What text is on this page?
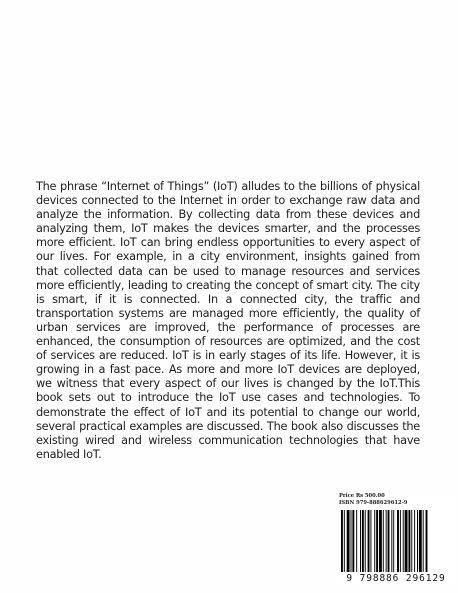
The phrase “Internet of Things” (IoT) alludes to the billions of physical devices connected to the Internet in order to exchange raw data and analyze the information. By collecting data from these devices and analyzing them, IoT makes the devices smarter, and the processes more efficient. IoT can bring endless opportunities to every aspect of our lives. For example, in a city environment, insights gained from that collected data can be used to manage resources and services more efficiently, leading to creating the concept of smart city. The city is smart, if it is connected. In a connected city, the traffic and transportation systems are managed more efficiently, the quality of urban services are improved, the performance of processes are enhanced, the consumption of resources are optimized, and the cost of services are reduced. IoT is in early stages of its life. However, it is growing in a fast pace. As more and more IoT devices are deployed, we witness that every aspect of our lives is changed by the IoT.This book sets out to introduce the IoT use cases and technologies. To demonstrate the effect of IoT and its potential to change our world, several practical examples are discussed. The book also discusses the existing wired and wireless communication technologies that have enabled IoT.
Price Rs 500.00
ISBN 979-888629612-9
9 798886 296129
